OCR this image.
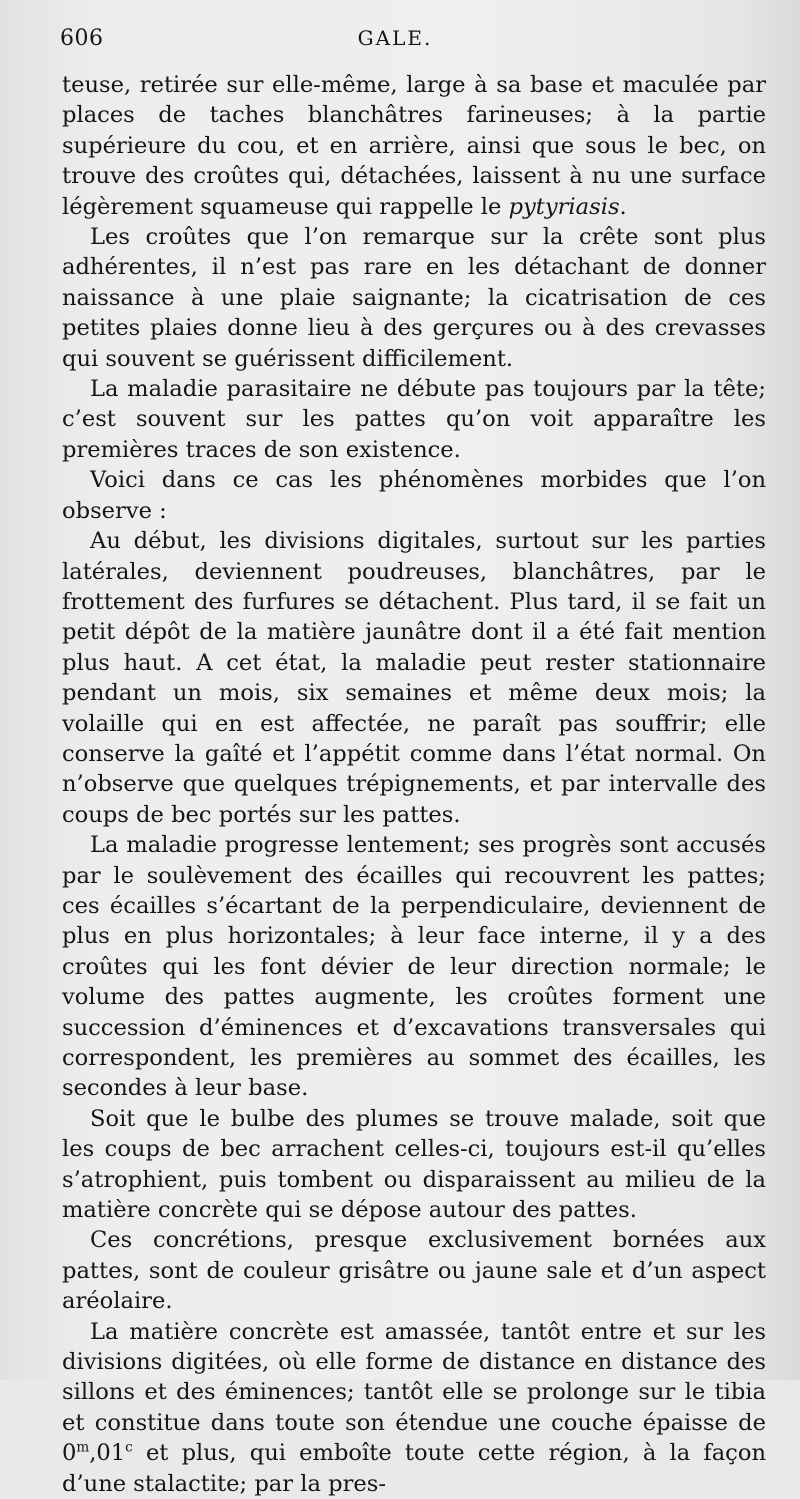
606	GALE.

teuse, retirée sur elle-même, large à sa base et maculée par places de taches blanchâtres farineuses; à la partie supérieure du cou, et en arrière, ainsi que sous le bec, on trouve des croûtes qui, détachées, laissent à nu une surface légèrement squameuse qui rappelle le pytyriasis.

Les croûtes que l’on remarque sur la crête sont plus adhérentes, il n’est pas rare en les détachant de donner naissance à une plaie saignante; la cicatrisation de ces petites plaies donne lieu à des gerçures ou à des crevasses qui souvent se guérissent difficilement.

La maladie parasitaire ne débute pas toujours par la tête; c’est souvent sur les pattes qu’on voit apparaître les premières traces de son existence.

Voici dans ce cas les phénomènes morbides que l’on observe :

Au début, les divisions digitales, surtout sur les parties latérales, deviennent poudreuses, blanchâtres, par le frottement des furfures se détachent. Plus tard, il se fait un petit dépôt de la matière jaunâtre dont il a été fait mention plus haut. A cet état, la maladie peut rester stationnaire pendant un mois, six semaines et même deux mois; la volaille qui en est affectée, ne paraît pas souffrir; elle conserve la gaîté et l’appétit comme dans l’état normal. On n’observe que quelques trépignements, et par intervalle des coups de bec portés sur les pattes.

La maladie progresse lentement; ses progrès sont accusés par le soulèvement des écailles qui recouvrent les pattes; ces écailles s’écartant de la perpendiculaire, deviennent de plus en plus horizontales; à leur face interne, il y a des croûtes qui les font dévier de leur direction normale; le volume des pattes augmente, les croûtes forment une succession d’éminences et d’excavations transversales qui correspondent, les premières au sommet des écailles, les secondes à leur base.

Soit que le bulbe des plumes se trouve malade, soit que les coups de bec arrachent celles-ci, toujours est-il qu’elles s’atrophient, puis tombent ou disparaissent au milieu de la matière concrète qui se dépose autour des pattes.

Ces concrétions, presque exclusivement bornées aux pattes, sont de couleur grisâtre ou jaune sale et d’un aspect aréolaire.

La matière concrète est amassée, tantôt entre et sur les divisions digitées, où elle forme de distance en distance des sillons et des éminences; tantôt elle se prolonge sur le tibia et constitue dans toute son étendue une couche épaisse de 0$^m$,01$^c$ et plus, qui emboîte toute cette région, à la façon d’une stalactite; par la pres-
